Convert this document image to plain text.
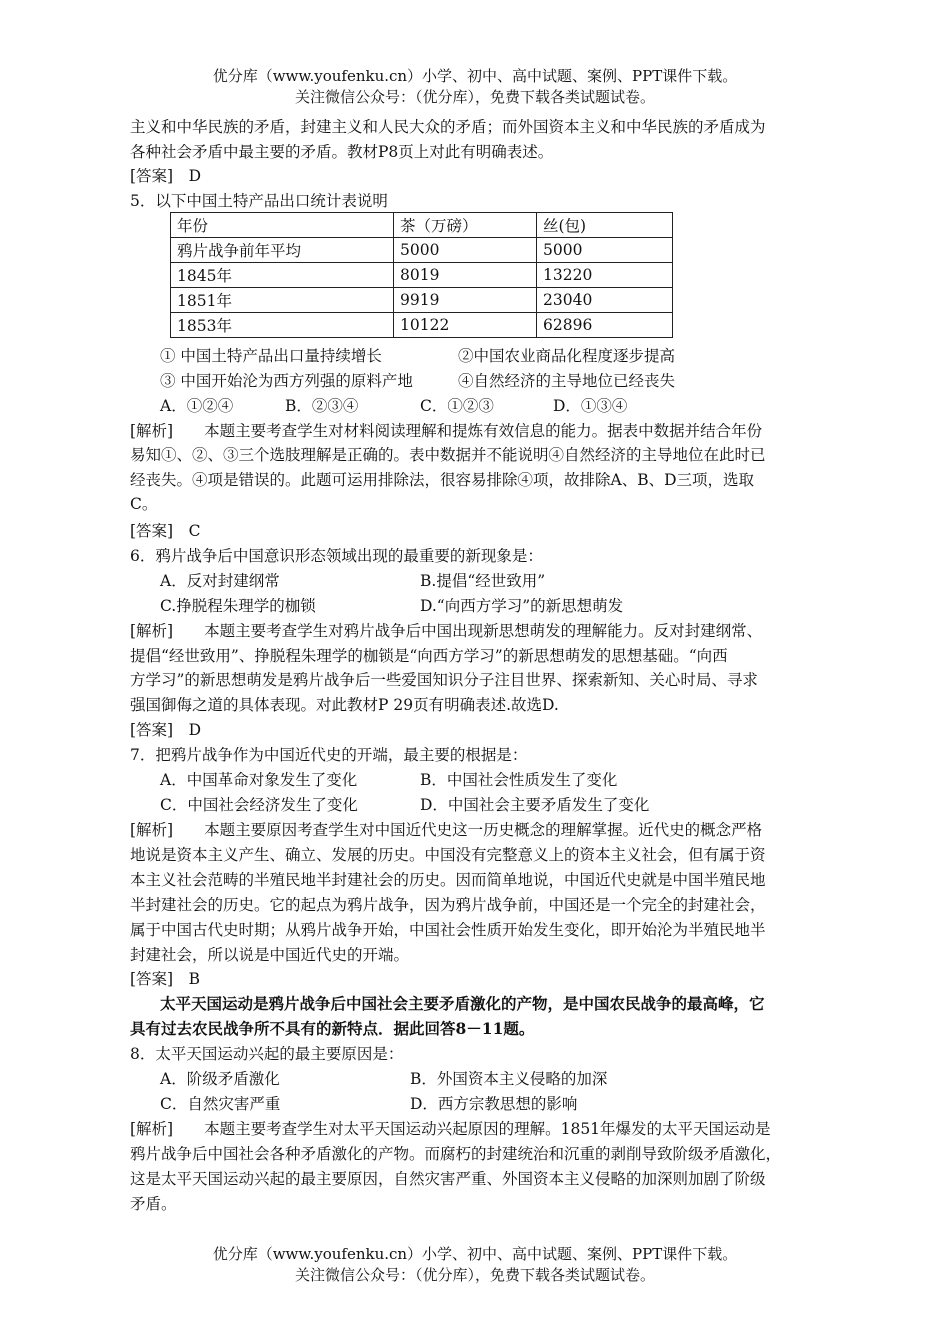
优分库（www.youfenku.cn）小学、初中、高中试题、案例、PPT课件下载。
关注微信公众号：（优分库），免费下载各类试题试卷。
主义和中华民族的矛盾，封建主义和人民大众的矛盾；而外国资本主义和中华民族的矛盾成为
各种社会矛盾中最主要的矛盾。教材P8页上对此有明确表述。
[答案]　D
5．以下中国土特产品出口统计表说明
年份	茶（万磅）	丝(包)
鸦片战争前年平均	5000	5000
1845年	8019	13220
1851年	9919	23040
1853年	10122	62896
① 中国土特产品出口量持续增长	②中国农业商品化程度逐步提高
③ 中国开始沦为西方列强的原料产地	④自然经济的主导地位已经丧失
A．①②④	B．②③④	C．①②③	D．①③④
[解析]　　本题主要考查学生对材料阅读理解和提炼有效信息的能力。据表中数据并结合年份
易知①、②、③三个选肢理解是正确的。表中数据并不能说明④自然经济的主导地位在此时已
经丧失。④项是错误的。此题可运用排除法，很容易排除④项，故排除A、B、D三项，选取
C。
[答案]　C
6．鸦片战争后中国意识形态领域出现的最重要的新现象是：
A．反对封建纲常	B.提倡“经世致用”
C.挣脱程朱理学的枷锁	D.“向西方学习”的新思想萌发
[解析]　　本题主要考查学生对鸦片战争后中国出现新思想萌发的理解能力。反对封建纲常、
提倡“经世致用”、挣脱程朱理学的枷锁是“向西方学习”的新思想萌发的思想基础。“向西
方学习”的新思想萌发是鸦片战争后一些爱国知识分子注目世界、探索新知、关心时局、寻求
强国御侮之道的具体表现。对此教材P 29页有明确表述.故选D.
[答案]　D
7．把鸦片战争作为中国近代史的开端，最主要的根据是：
A．中国革命对象发生了变化	B．中国社会性质发生了变化
C．中国社会经济发生了变化	D．中国社会主要矛盾发生了变化
[解析]　　本题主要原因考查学生对中国近代史这一历史概念的理解掌握。近代史的概念严格
地说是资本主义产生、确立、发展的历史。中国没有完整意义上的资本主义社会，但有属于资
本主义社会范畴的半殖民地半封建社会的历史。因而简单地说，中国近代史就是中国半殖民地
半封建社会的历史。它的起点为鸦片战争，因为鸦片战争前，中国还是一个完全的封建社会，
属于中国古代史时期；从鸦片战争开始，中国社会性质开始发生变化，即开始沦为半殖民地半
封建社会，所以说是中国近代史的开端。
[答案]　B
太平天国运动是鸦片战争后中国社会主要矛盾激化的产物，是中国农民战争的最高峰，它
具有过去农民战争所不具有的新特点．据此回答8－11题。
8．太平天国运动兴起的最主要原因是：
A．阶级矛盾激化	B．外国资本主义侵略的加深
C．自然灾害严重	D．西方宗教思想的影响
[解析]　　本题主要考查学生对太平天国运动兴起原因的理解。1851年爆发的太平天国运动是
鸦片战争后中国社会各种矛盾激化的产物。而腐朽的封建统治和沉重的剥削导致阶级矛盾激化，
这是太平天国运动兴起的最主要原因，自然灾害严重、外国资本主义侵略的加深则加剧了阶级
矛盾。
优分库（www.youfenku.cn）小学、初中、高中试题、案例、PPT课件下载。
关注微信公众号：（优分库），免费下载各类试题试卷。
